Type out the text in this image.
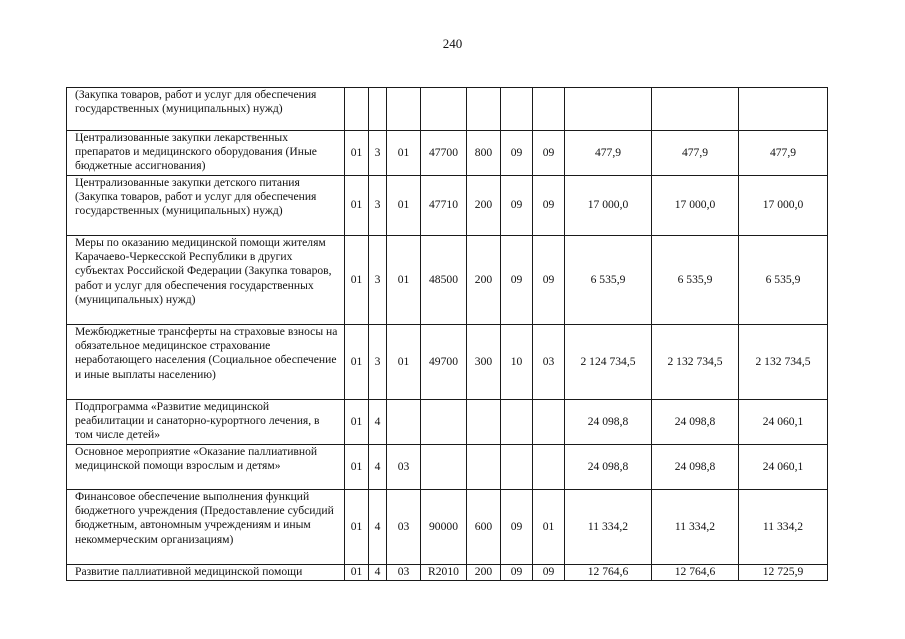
240
(Закупка товаров, работ и услуг для обеспечения государственных (муниципальных) нужд)										
Централизованные закупки лекарственных препаратов и медицинского оборудования (Иные бюджетные ассигнования)	01	3	01	47700	800	09	09	477,9	477,9	477,9
Централизованные закупки детского питания (Закупка товаров, работ и услуг для обеспечения государственных (муниципальных) нужд)	01	3	01	47710	200	09	09	17 000,0	17 000,0	17 000,0
Меры по оказанию медицинской помощи жителям Карачаево-Черкесской Республики в других субъектах Российской Федерации (Закупка товаров, работ и услуг для обеспечения государственных (муниципальных) нужд)	01	3	01	48500	200	09	09	6 535,9	6 535,9	6 535,9
Межбюджетные трансферты на страховые взносы на обязательное медицинское страхование неработающего населения (Социальное обеспечение и иные выплаты населению)	01	3	01	49700	300	10	03	2 124 734,5	2 132 734,5	2 132 734,5
Подпрограмма «Развитие медицинской реабилитации и санаторно-курортного лечения, в том числе детей»	01	4						24 098,8	24 098,8	24 060,1
Основное мероприятие «Оказание паллиативной медицинской помощи взрослым и детям»	01	4	03					24 098,8	24 098,8	24 060,1
Финансовое обеспечение выполнения функций бюджетного учреждения (Предоставление субсидий бюджетным, автономным учреждениям и иным некоммерческим организациям)	01	4	03	90000	600	09	01	11 334,2	11 334,2	11 334,2
Развитие паллиативной медицинской помощи	01	4	03	R2010	200	09	09	12 764,6	12 764,6	12 725,9
